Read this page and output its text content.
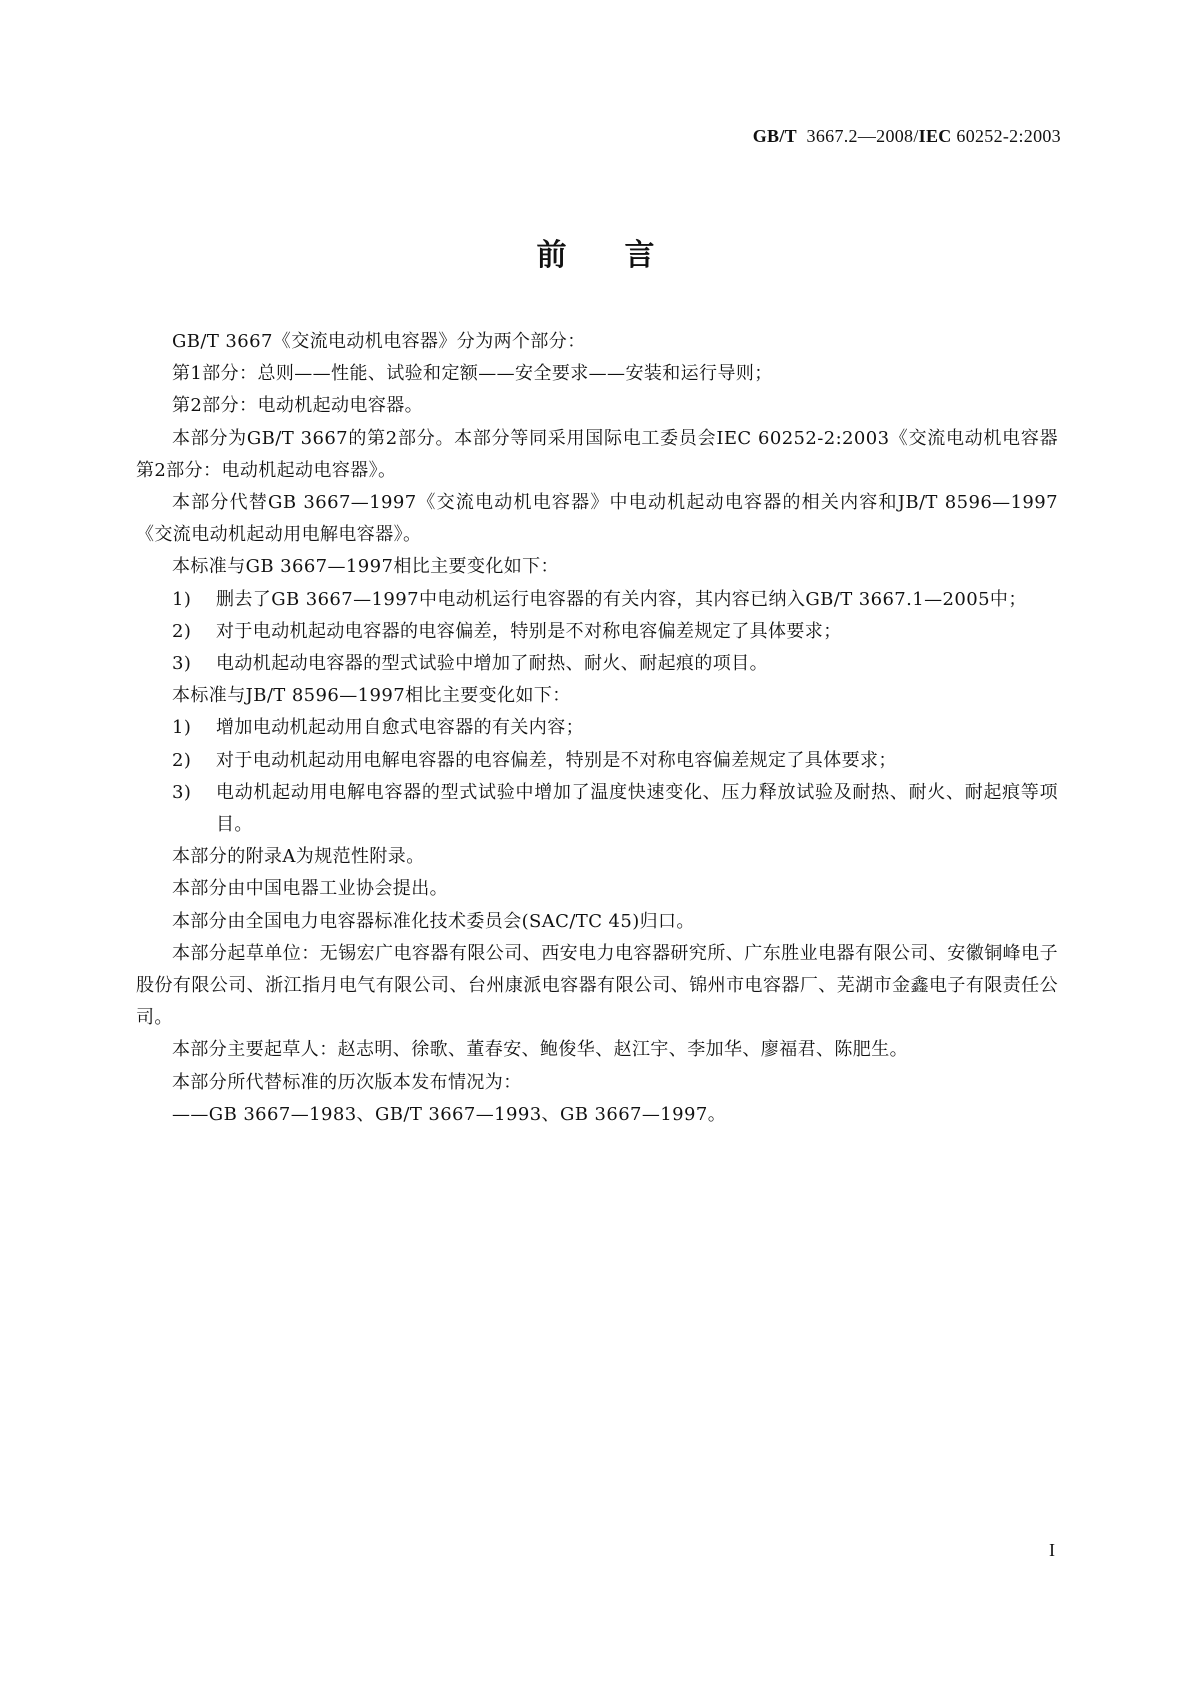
GB/T 3667.2—2008/IEC 60252-2:2003
前言

GB/T 3667《交流电动机电容器》分为两个部分：

第1部分：总则——性能、试验和定额——安全要求——安装和运行导则；

第2部分：电动机起动电容器。

本部分为GB/T 3667的第2部分。本部分等同采用国际电工委员会IEC 60252-2:2003《交流电动机电容器　第2部分：电动机起动电容器》。

本部分代替GB 3667—1997《交流电动机电容器》中电动机起动电容器的相关内容和JB/T 8596—1997《交流电动机起动用电解电容器》。

本标准与GB 3667—1997相比主要变化如下：

1)	删去了GB 3667—1997中电动机运行电容器的有关内容，其内容已纳入GB/T 3667.1—2005中；
2)	对于电动机起动电容器的电容偏差，特别是不对称电容偏差规定了具体要求；
3)	电动机起动电容器的型式试验中增加了耐热、耐火、耐起痕的项目。

本标准与JB/T 8596—1997相比主要变化如下：

1)	增加电动机起动用自愈式电容器的有关内容；
2)	对于电动机起动用电解电容器的电容偏差，特别是不对称电容偏差规定了具体要求；
3)	电动机起动用电解电容器的型式试验中增加了温度快速变化、压力释放试验及耐热、耐火、耐起痕等项目。

本部分的附录A为规范性附录。

本部分由中国电器工业协会提出。

本部分由全国电力电容器标准化技术委员会(SAC/TC 45)归口。

本部分起草单位：无锡宏广电容器有限公司、西安电力电容器研究所、广东胜业电器有限公司、安徽铜峰电子股份有限公司、浙江指月电气有限公司、台州康派电容器有限公司、锦州市电容器厂、芜湖市金鑫电子有限责任公司。

本部分主要起草人：赵志明、徐歌、董春安、鲍俊华、赵江宇、李加华、廖福君、陈肥生。

本部分所代替标准的历次版本发布情况为：

——GB 3667—1983、GB/T 3667—1993、GB 3667—1997。

I
